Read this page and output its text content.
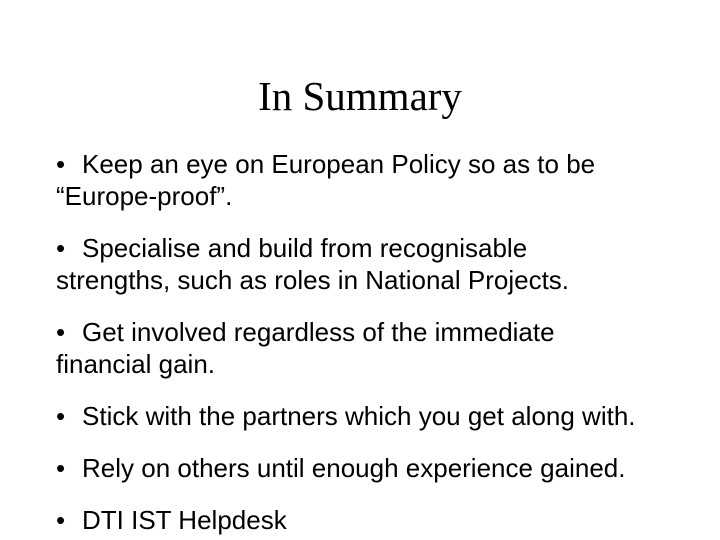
In Summary
• Keep an eye on European Policy so as to be
“Europe-proof”.
• Specialise and build from recognisable
strengths, such as roles in National Projects.
• Get involved regardless of the immediate
financial gain.
• Stick with the partners which you get along with.
• Rely on others until enough experience gained.
• DTI IST Helpdesk
